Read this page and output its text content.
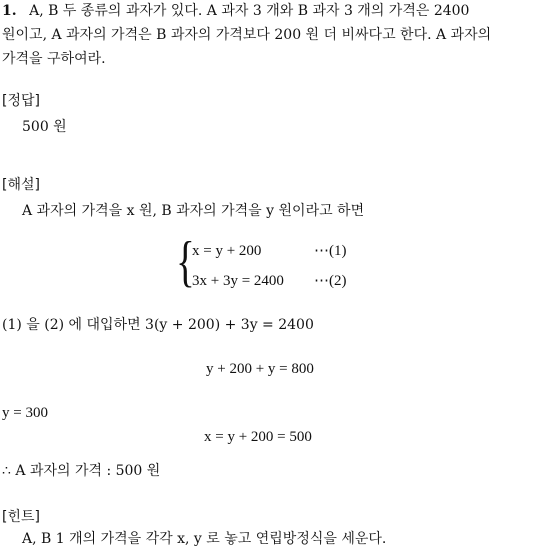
1. A, B 두 종류의 과자가 있다. A 과자 3 개와 B 과자 3 개의 가격은 2400
원이고, A 과자의 가격은 B 과자의 가격보다 200 원 더 비싸다고 한다. A 과자의
가격을 구하여라.
[정답]
500 원
[해설]
A 과자의 가격을 x 원, B 과자의 가격을 y 원이라고 하면
{
x = y + 200	⋯(1)
3x + 3y = 2400 ⋯(2)
(1) 을 (2) 에 대입하면 3(y + 200) + 3y = 2400
y + 200 + y = 800
y = 300
x = y + 200 = 500
∴ A 과자의 가격 : 500 원
[힌트]
A, B 1 개의 가격을 각각 x, y 로 놓고 연립방정식을 세운다.
